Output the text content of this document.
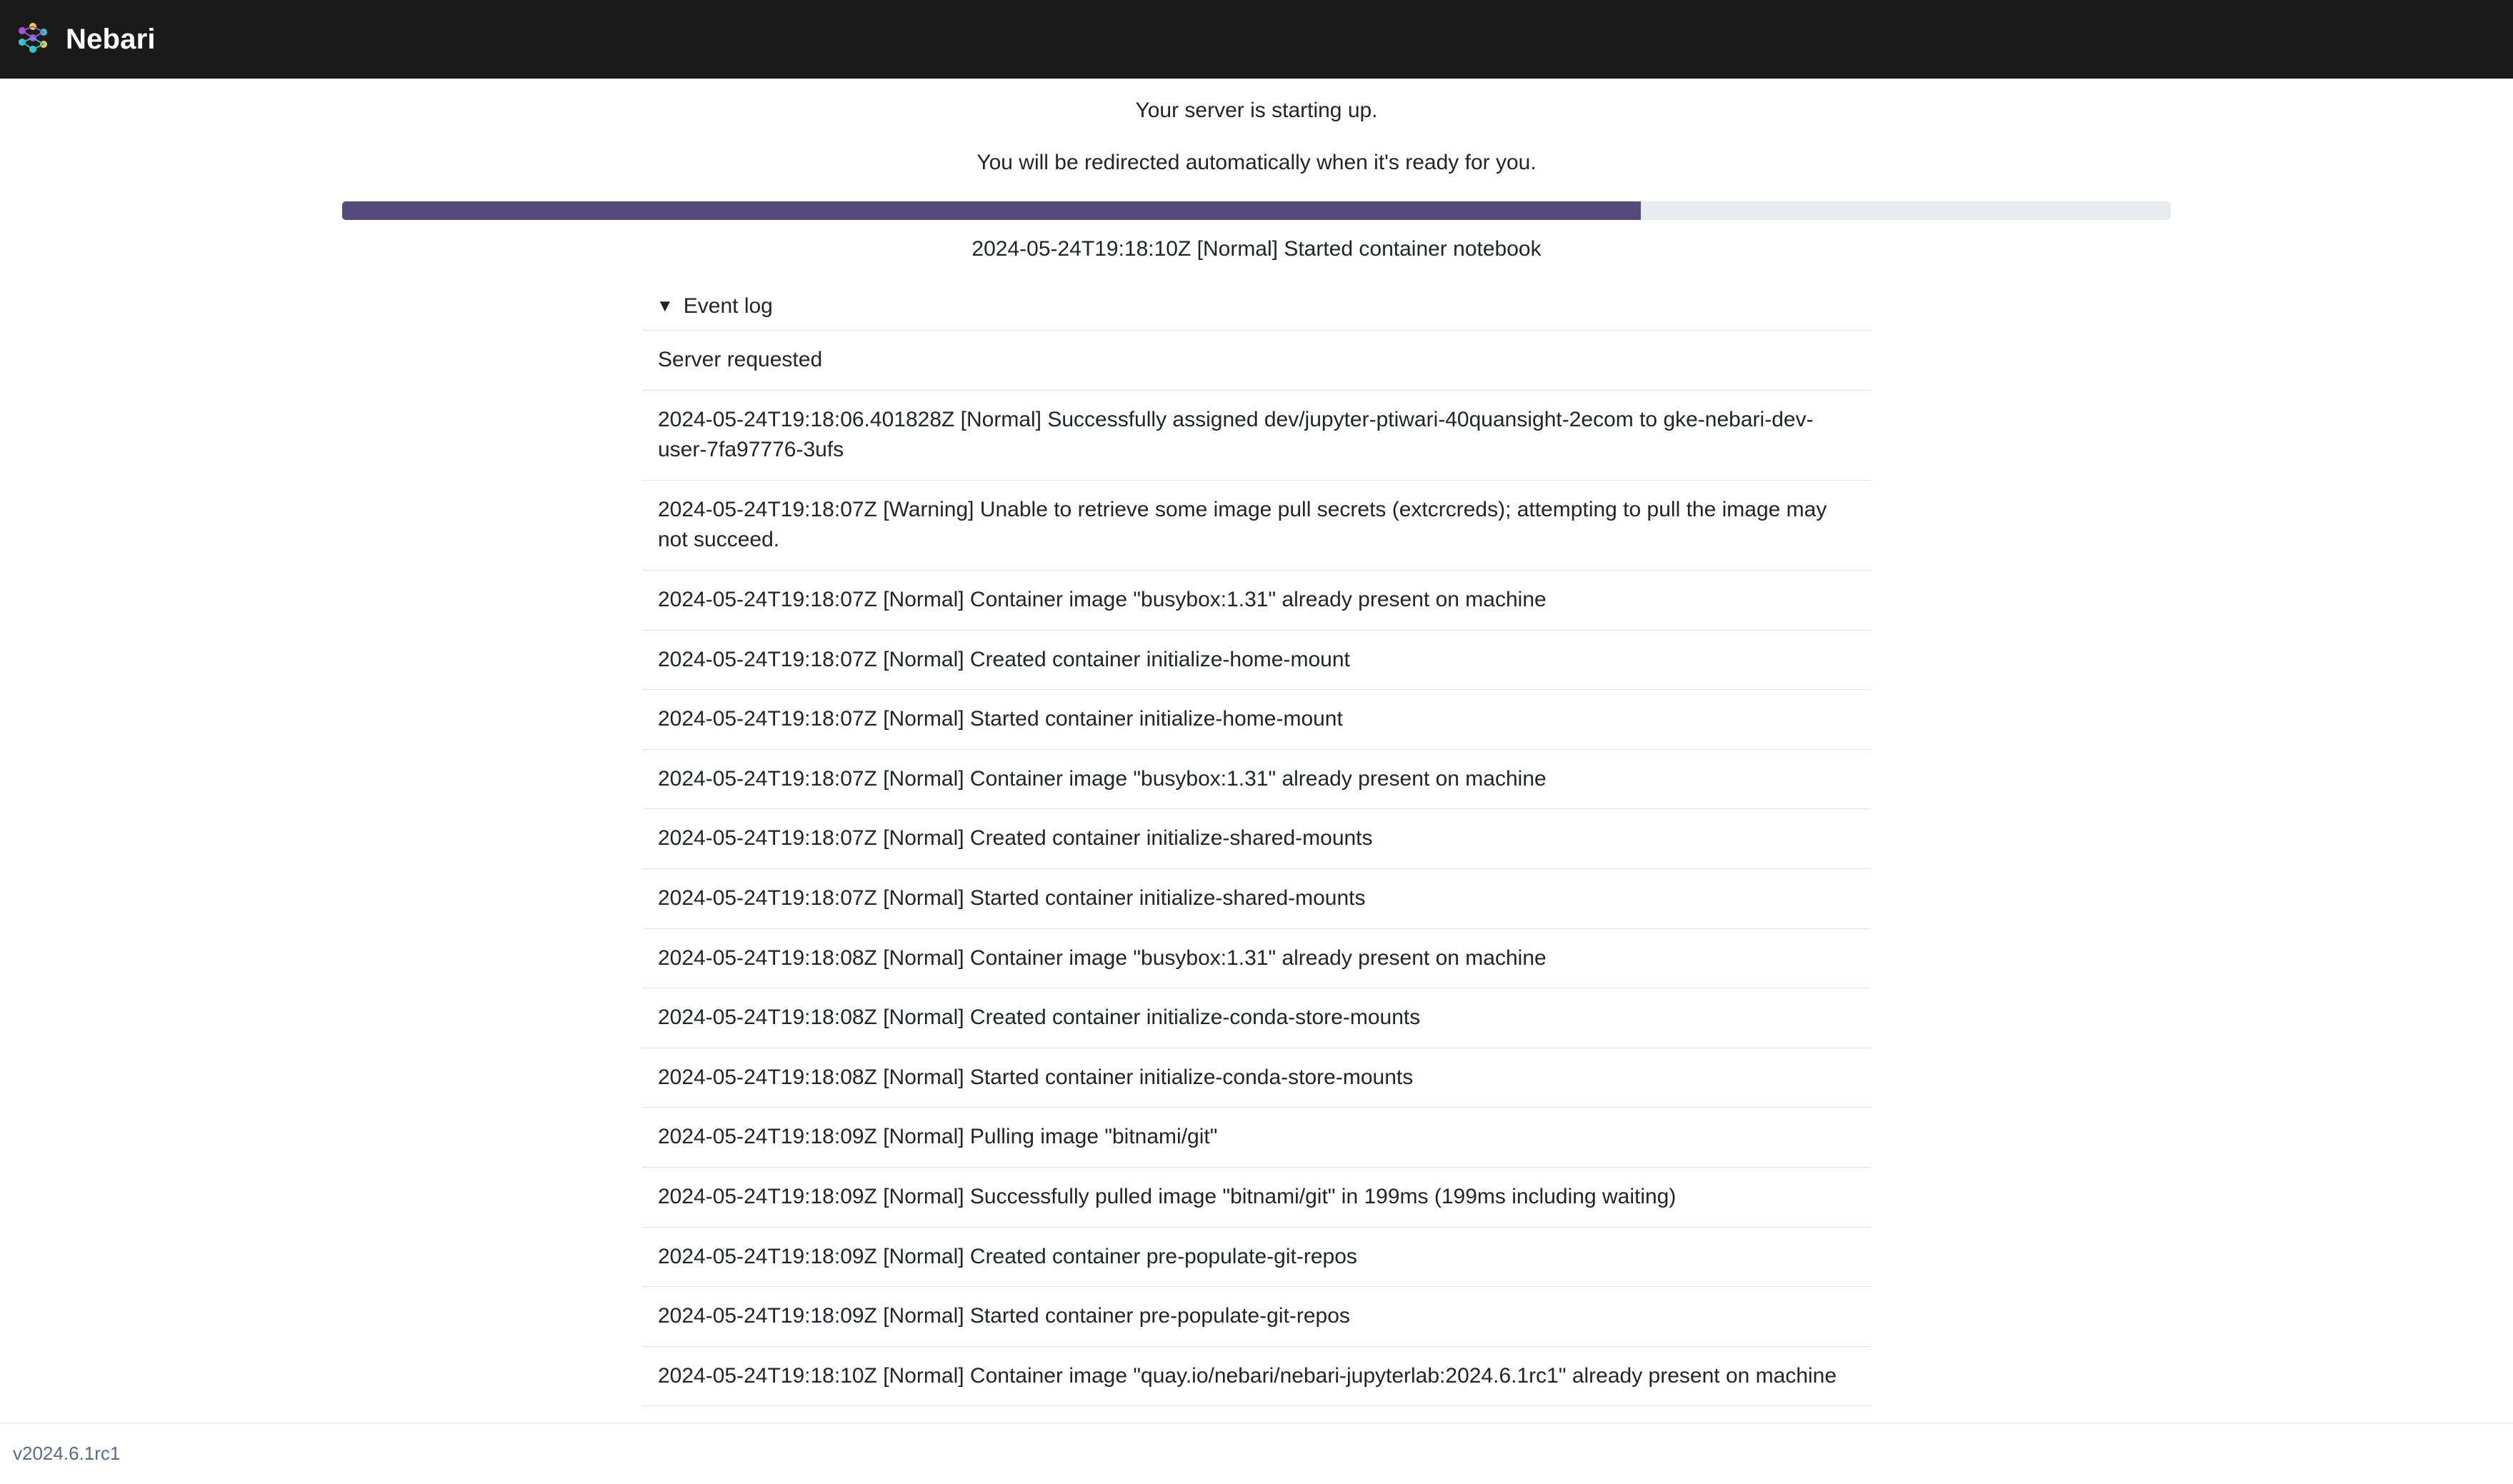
Nebari

Your server is starting up.

You will be redirected automatically when it's ready for you.

2024-05-24T19:18:10Z [Normal] Started container notebook
▼ Event log
Server requested
2024-05-24T19:18:06.401828Z [Normal] Successfully assigned dev/jupyter-ptiwari-40quansight-2ecom to gke-nebari-dev-user-7fa97776-3ufs
2024-05-24T19:18:07Z [Warning] Unable to retrieve some image pull secrets (extcrcreds); attempting to pull the image may not succeed.
2024-05-24T19:18:07Z [Normal] Container image "busybox:1.31" already present on machine
2024-05-24T19:18:07Z [Normal] Created container initialize-home-mount
2024-05-24T19:18:07Z [Normal] Started container initialize-home-mount
2024-05-24T19:18:07Z [Normal] Container image "busybox:1.31" already present on machine
2024-05-24T19:18:07Z [Normal] Created container initialize-shared-mounts
2024-05-24T19:18:07Z [Normal] Started container initialize-shared-mounts
2024-05-24T19:18:08Z [Normal] Container image "busybox:1.31" already present on machine
2024-05-24T19:18:08Z [Normal] Created container initialize-conda-store-mounts
2024-05-24T19:18:08Z [Normal] Started container initialize-conda-store-mounts
2024-05-24T19:18:09Z [Normal] Pulling image "bitnami/git"
2024-05-24T19:18:09Z [Normal] Successfully pulled image "bitnami/git" in 199ms (199ms including waiting)
2024-05-24T19:18:09Z [Normal] Created container pre-populate-git-repos
2024-05-24T19:18:09Z [Normal] Started container pre-populate-git-repos
2024-05-24T19:18:10Z [Normal] Container image "quay.io/nebari/nebari-jupyterlab:2024.6.1rc1" already present on machine
v2024.6.1rc1
